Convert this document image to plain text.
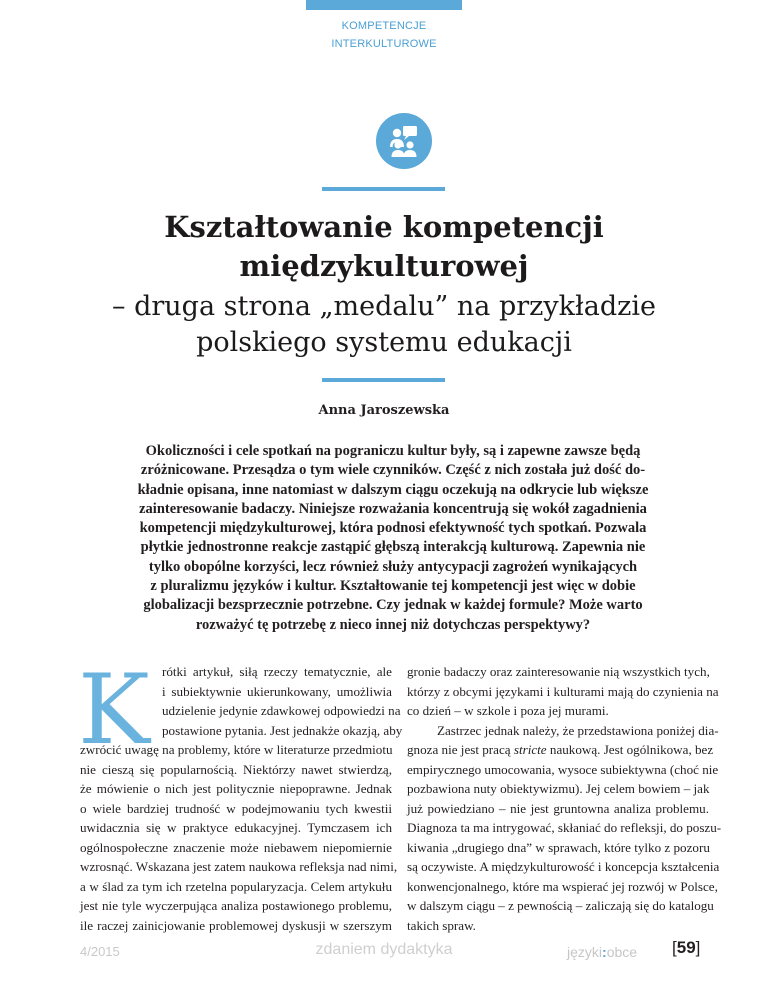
KOMPETENCJE
INTERKULTUROWE
Kształtowanie kompetencji
międzykulturowej
– druga strona „medalu” na przykładzie
polskiego systemu edukacji
Anna Jaroszewska
Okoliczności i cele spotkań na pograniczu kultur były, są i zapewne zawsze będą
zróżnicowane. Przesądza o tym wiele czynników. Część z nich została już dość do-
kładnie opisana, inne natomiast w dalszym ciągu oczekują na odkrycie lub większe
zainteresowanie badaczy. Niniejsze rozważania koncentrują się wokół zagadnienia
kompetencji międzykulturowej, która podnosi efektywność tych spotkań. Pozwala
płytkie jednostronne reakcje zastąpić głębszą interakcją kulturową. Zapewnia nie
tylko obopólne korzyści, lecz również służy antycypacji zagrożeń wynikających
z pluralizmu języków i kultur. Kształtowanie tej kompetencji jest więc w dobie
globalizacji bezsprzecznie potrzebne. Czy jednak w każdej formule? Może warto
rozważyć tę potrzebę z nieco innej niż dotychczas perspektywy?
K rótki artykuł, siłą rzeczy tematycznie, ale
i subiektywnie ukierunkowany, umożliwia
udzielenie jedynie zdawkowej odpowiedzi na
postawione pytania. Jest jednakże okazją, aby
zwrócić uwagę na problemy, które w literaturze przedmiotu
nie cieszą się popularnością. Niektórzy nawet stwierdzą,
że mówienie o nich jest politycznie niepoprawne. Jednak
o wiele bardziej trudność w podejmowaniu tych kwestii
uwidacznia się w praktyce edukacyjnej. Tymczasem ich
ogólnospołeczne znaczenie może niebawem niepomiernie
wzrosnąć. Wskazana jest zatem naukowa refleksja nad nimi,
a w ślad za tym ich rzetelna popularyzacja. Celem artykułu
jest nie tyle wyczerpująca analiza postawionego problemu,
ile raczej zainicjowanie problemowej dyskusji w szerszym
gronie badaczy oraz zainteresowanie nią wszystkich tych,
którzy z obcymi językami i kulturami mają do czynienia na
co dzień – w szkole i poza jej murami.
Zastrzec jednak należy, że przedstawiona poniżej dia-
gnoza nie jest pracą stricte naukową. Jest ogólnikowa, bez
empirycznego umocowania, wysoce subiektywna (choć nie
pozbawiona nuty obiektywizmu). Jej celem bowiem – jak
już powiedziano – nie jest gruntowna analiza problemu.
Diagnoza ta ma intrygować, skłaniać do refleksji, do poszu-
kiwania „drugiego dna” w sprawach, które tylko z pozoru
są oczywiste. A międzykulturowość i koncepcja kształcenia
konwencjonalnego, które ma wspierać jej rozwój w Polsce,
w dalszym ciągu – z pewnością – zaliczają się do katalogu
takich spraw.
4/2015	zdaniem dydaktyka	języki:obce [59]
